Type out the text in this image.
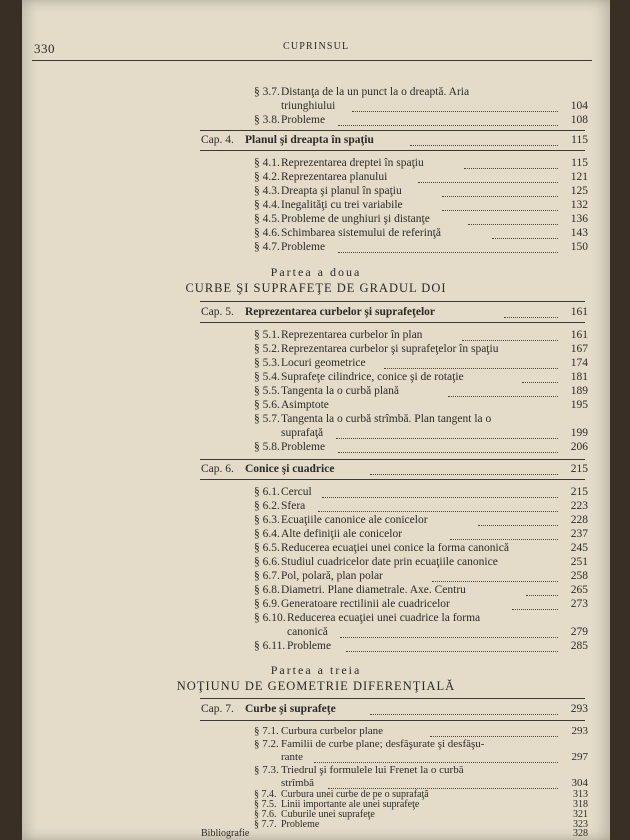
330	CUPRINSUL
§ 3.7. Distanţa de la un punct la o dreaptă. Aria
triunghiului	104
§ 3.8. Probleme	108
Cap. 4. Planul şi dreapta în spaţiu	115
§ 4.1. Reprezentarea dreptei în spaţiu	115
§ 4.2. Reprezentarea planului	121
§ 4.3. Dreapta şi planul în spaţiu	125
§ 4.4. Inegalităţi cu trei variabile	132
§ 4.5. Probleme de unghiuri şi distanţe	136
§ 4.6. Schimbarea sistemului de referinţă	143
§ 4.7. Probleme	150
Partea a doua
CURBE ŞI SUPRAFEŢE DE GRADUL DOI
Cap. 5. Reprezentarea curbelor şi suprafeţelor	161
§ 5.1. Reprezentarea curbelor în plan	161
§ 5.2. Reprezentarea curbelor şi suprafeţelor în spaţiu	167
§ 5.3. Locuri geometrice	174
§ 5.4. Suprafeţe cilindrice, conice şi de rotaţie	181
§ 5.5. Tangenta la o curbă plană	189
§ 5.6. Asimptote	195
§ 5.7. Tangenta la o curbă strîmbă. Plan tangent la o
suprafaţă	199
§ 5.8. Probleme	206
Cap. 6. Conice şi cuadrice	215
§ 6.1. Cercul	215
§ 6.2. Sfera	223
§ 6.3. Ecuaţiile canonice ale conicelor	228
§ 6.4. Alte definiţii ale conicelor	237
§ 6.5. Reducerea ecuaţiei unei conice la forma canonică	245
§ 6.6. Studiul cuadricelor date prin ecuaţiile canonice	251
§ 6.7. Pol, polară, plan polar	258
§ 6.8. Diametri. Plane diametrale. Axe. Centru	265
§ 6.9. Generatoare rectilinii ale cuadricelor	273
§ 6.10. Reducerea ecuaţiei unei cuadrice la forma
canonică	279
§ 6.11. Probleme	285
Partea a treia
NOŢIUNU DE GEOMETRIE DIFERENŢIALĂ
Cap. 7. Curbe şi suprafeţe	293
§ 7.1. Curbura curbelor plane	293
§ 7.2. Familii de curbe plane; desfăşurate şi desfăşu-
rante	297
§ 7.3. Triedrul şi formulele lui Frenet la o curbă
strîmbă	304
§ 7.4. Curbura unei curbe de pe o suprafaţă	313
§ 7.5. Linii importante ale unei suprafeţe	318
§ 7.6. Cuburile unei suprafeţe	321
§ 7.7. Probleme	323
Bibliografie	328
